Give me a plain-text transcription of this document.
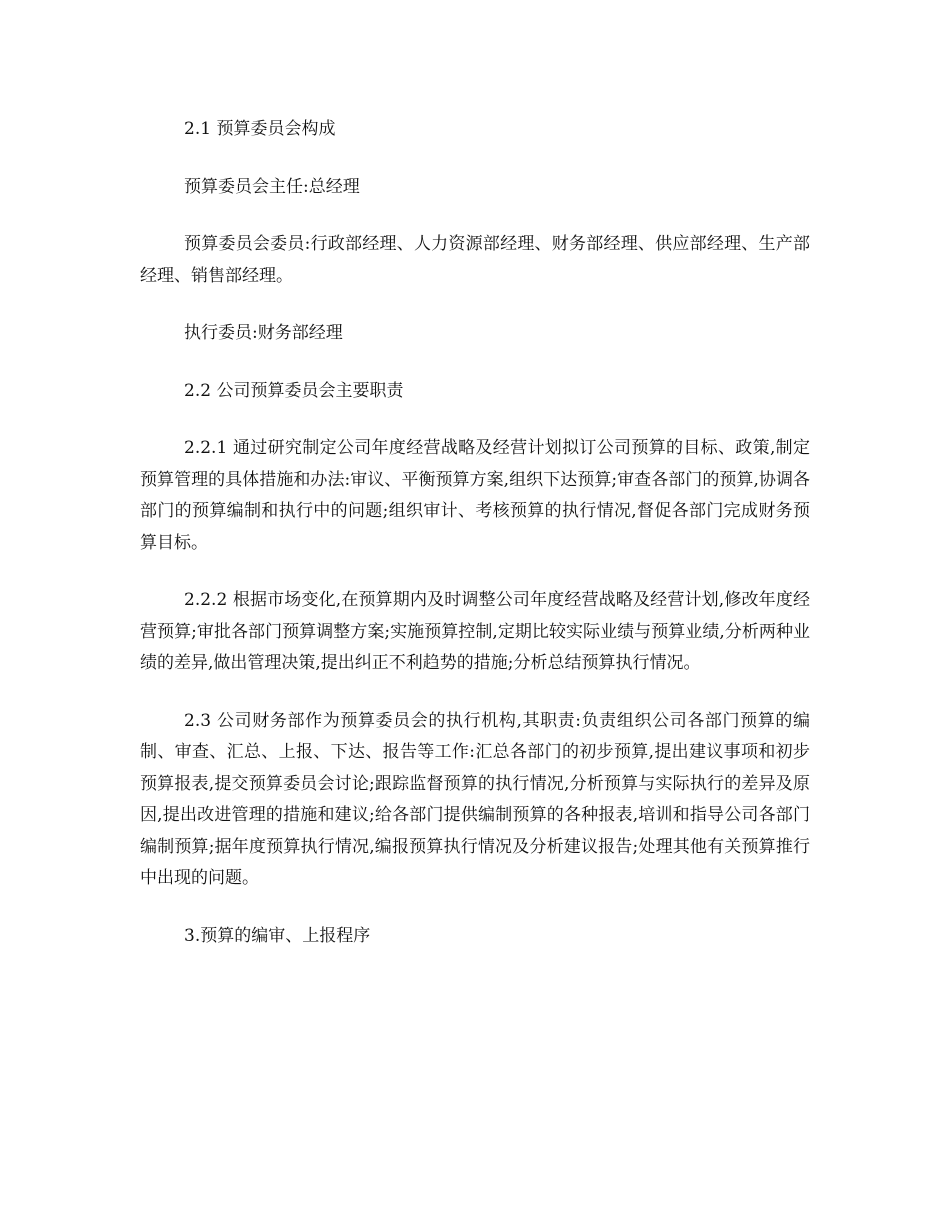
2.1 预算委员会构成

预算委员会主任:总经理

预算委员会委员:行政部经理、人力资源部经理、财务部经理、供应部经理、生产部经理、销售部经理。

执行委员:财务部经理

2.2 公司预算委员会主要职责

2.2.1 通过研究制定公司年度经营战略及经营计划拟订公司预算的目标、政策,制定预算管理的具体措施和办法:审议、平衡预算方案,组织下达预算;审查各部门的预算,协调各部门的预算编制和执行中的问题;组织审计、考核预算的执行情况,督促各部门完成财务预算目标。

2.2.2 根据市场变化,在预算期内及时调整公司年度经营战略及经营计划,修改年度经营预算;审批各部门预算调整方案;实施预算控制,定期比较实际业绩与预算业绩,分析两种业绩的差异,做出管理决策,提出纠正不利趋势的措施;分析总结预算执行情况。

2.3 公司财务部作为预算委员会的执行机构,其职责:负责组织公司各部门预算的编制、审查、汇总、上报、下达、报告等工作:汇总各部门的初步预算,提出建议事项和初步预算报表,提交预算委员会讨论;跟踪监督预算的执行情况,分析预算与实际执行的差异及原因,提出改进管理的措施和建议;给各部门提供编制预算的各种报表,培训和指导公司各部门编制预算;据年度预算执行情况,编报预算执行情况及分析建议报告;处理其他有关预算推行中出现的问题。

3.预算的编审、上报程序
